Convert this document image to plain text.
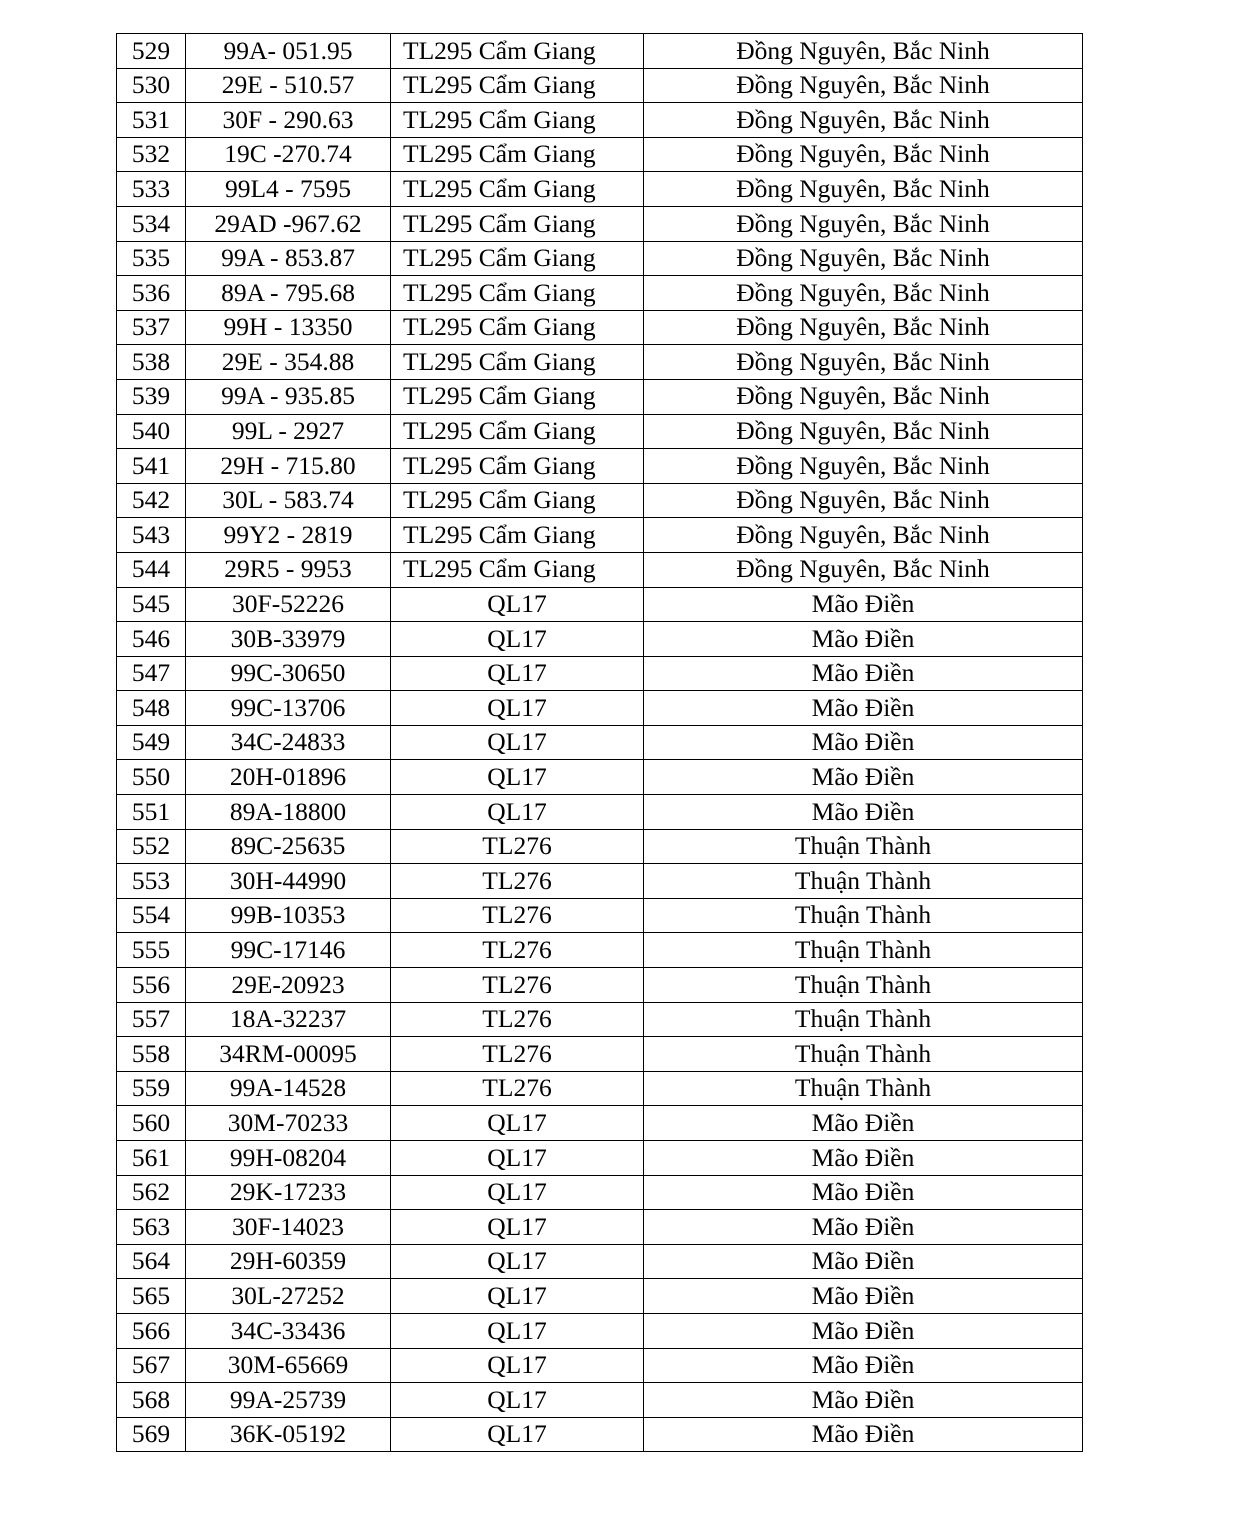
529	99A- 051.95	TL295 Cẩm Giang	Đồng Nguyên, Bắc Ninh
530	29E - 510.57	TL295 Cẩm Giang	Đồng Nguyên, Bắc Ninh
531	30F - 290.63	TL295 Cẩm Giang	Đồng Nguyên, Bắc Ninh
532	19C -270.74	TL295 Cẩm Giang	Đồng Nguyên, Bắc Ninh
533	99L4 - 7595	TL295 Cẩm Giang	Đồng Nguyên, Bắc Ninh
534	29AD -967.62	TL295 Cẩm Giang	Đồng Nguyên, Bắc Ninh
535	99A - 853.87	TL295 Cẩm Giang	Đồng Nguyên, Bắc Ninh
536	89A - 795.68	TL295 Cẩm Giang	Đồng Nguyên, Bắc Ninh
537	99H - 13350	TL295 Cẩm Giang	Đồng Nguyên, Bắc Ninh
538	29E - 354.88	TL295 Cẩm Giang	Đồng Nguyên, Bắc Ninh
539	99A - 935.85	TL295 Cẩm Giang	Đồng Nguyên, Bắc Ninh
540	99L - 2927	TL295 Cẩm Giang	Đồng Nguyên, Bắc Ninh
541	29H - 715.80	TL295 Cẩm Giang	Đồng Nguyên, Bắc Ninh
542	30L - 583.74	TL295 Cẩm Giang	Đồng Nguyên, Bắc Ninh
543	99Y2 - 2819	TL295 Cẩm Giang	Đồng Nguyên, Bắc Ninh
544	29R5 - 9953	TL295 Cẩm Giang	Đồng Nguyên, Bắc Ninh
545	30F-52226	QL17	Mão Điền
546	30B-33979	QL17	Mão Điền
547	99C-30650	QL17	Mão Điền
548	99C-13706	QL17	Mão Điền
549	34C-24833	QL17	Mão Điền
550	20H-01896	QL17	Mão Điền
551	89A-18800	QL17	Mão Điền
552	89C-25635	TL276	Thuận Thành
553	30H-44990	TL276	Thuận Thành
554	99B-10353	TL276	Thuận Thành
555	99C-17146	TL276	Thuận Thành
556	29E-20923	TL276	Thuận Thành
557	18A-32237	TL276	Thuận Thành
558	34RM-00095	TL276	Thuận Thành
559	99A-14528	TL276	Thuận Thành
560	30M-70233	QL17	Mão Điền
561	99H-08204	QL17	Mão Điền
562	29K-17233	QL17	Mão Điền
563	30F-14023	QL17	Mão Điền
564	29H-60359	QL17	Mão Điền
565	30L-27252	QL17	Mão Điền
566	34C-33436	QL17	Mão Điền
567	30M-65669	QL17	Mão Điền
568	99A-25739	QL17	Mão Điền
569	36K-05192	QL17	Mão Điền
